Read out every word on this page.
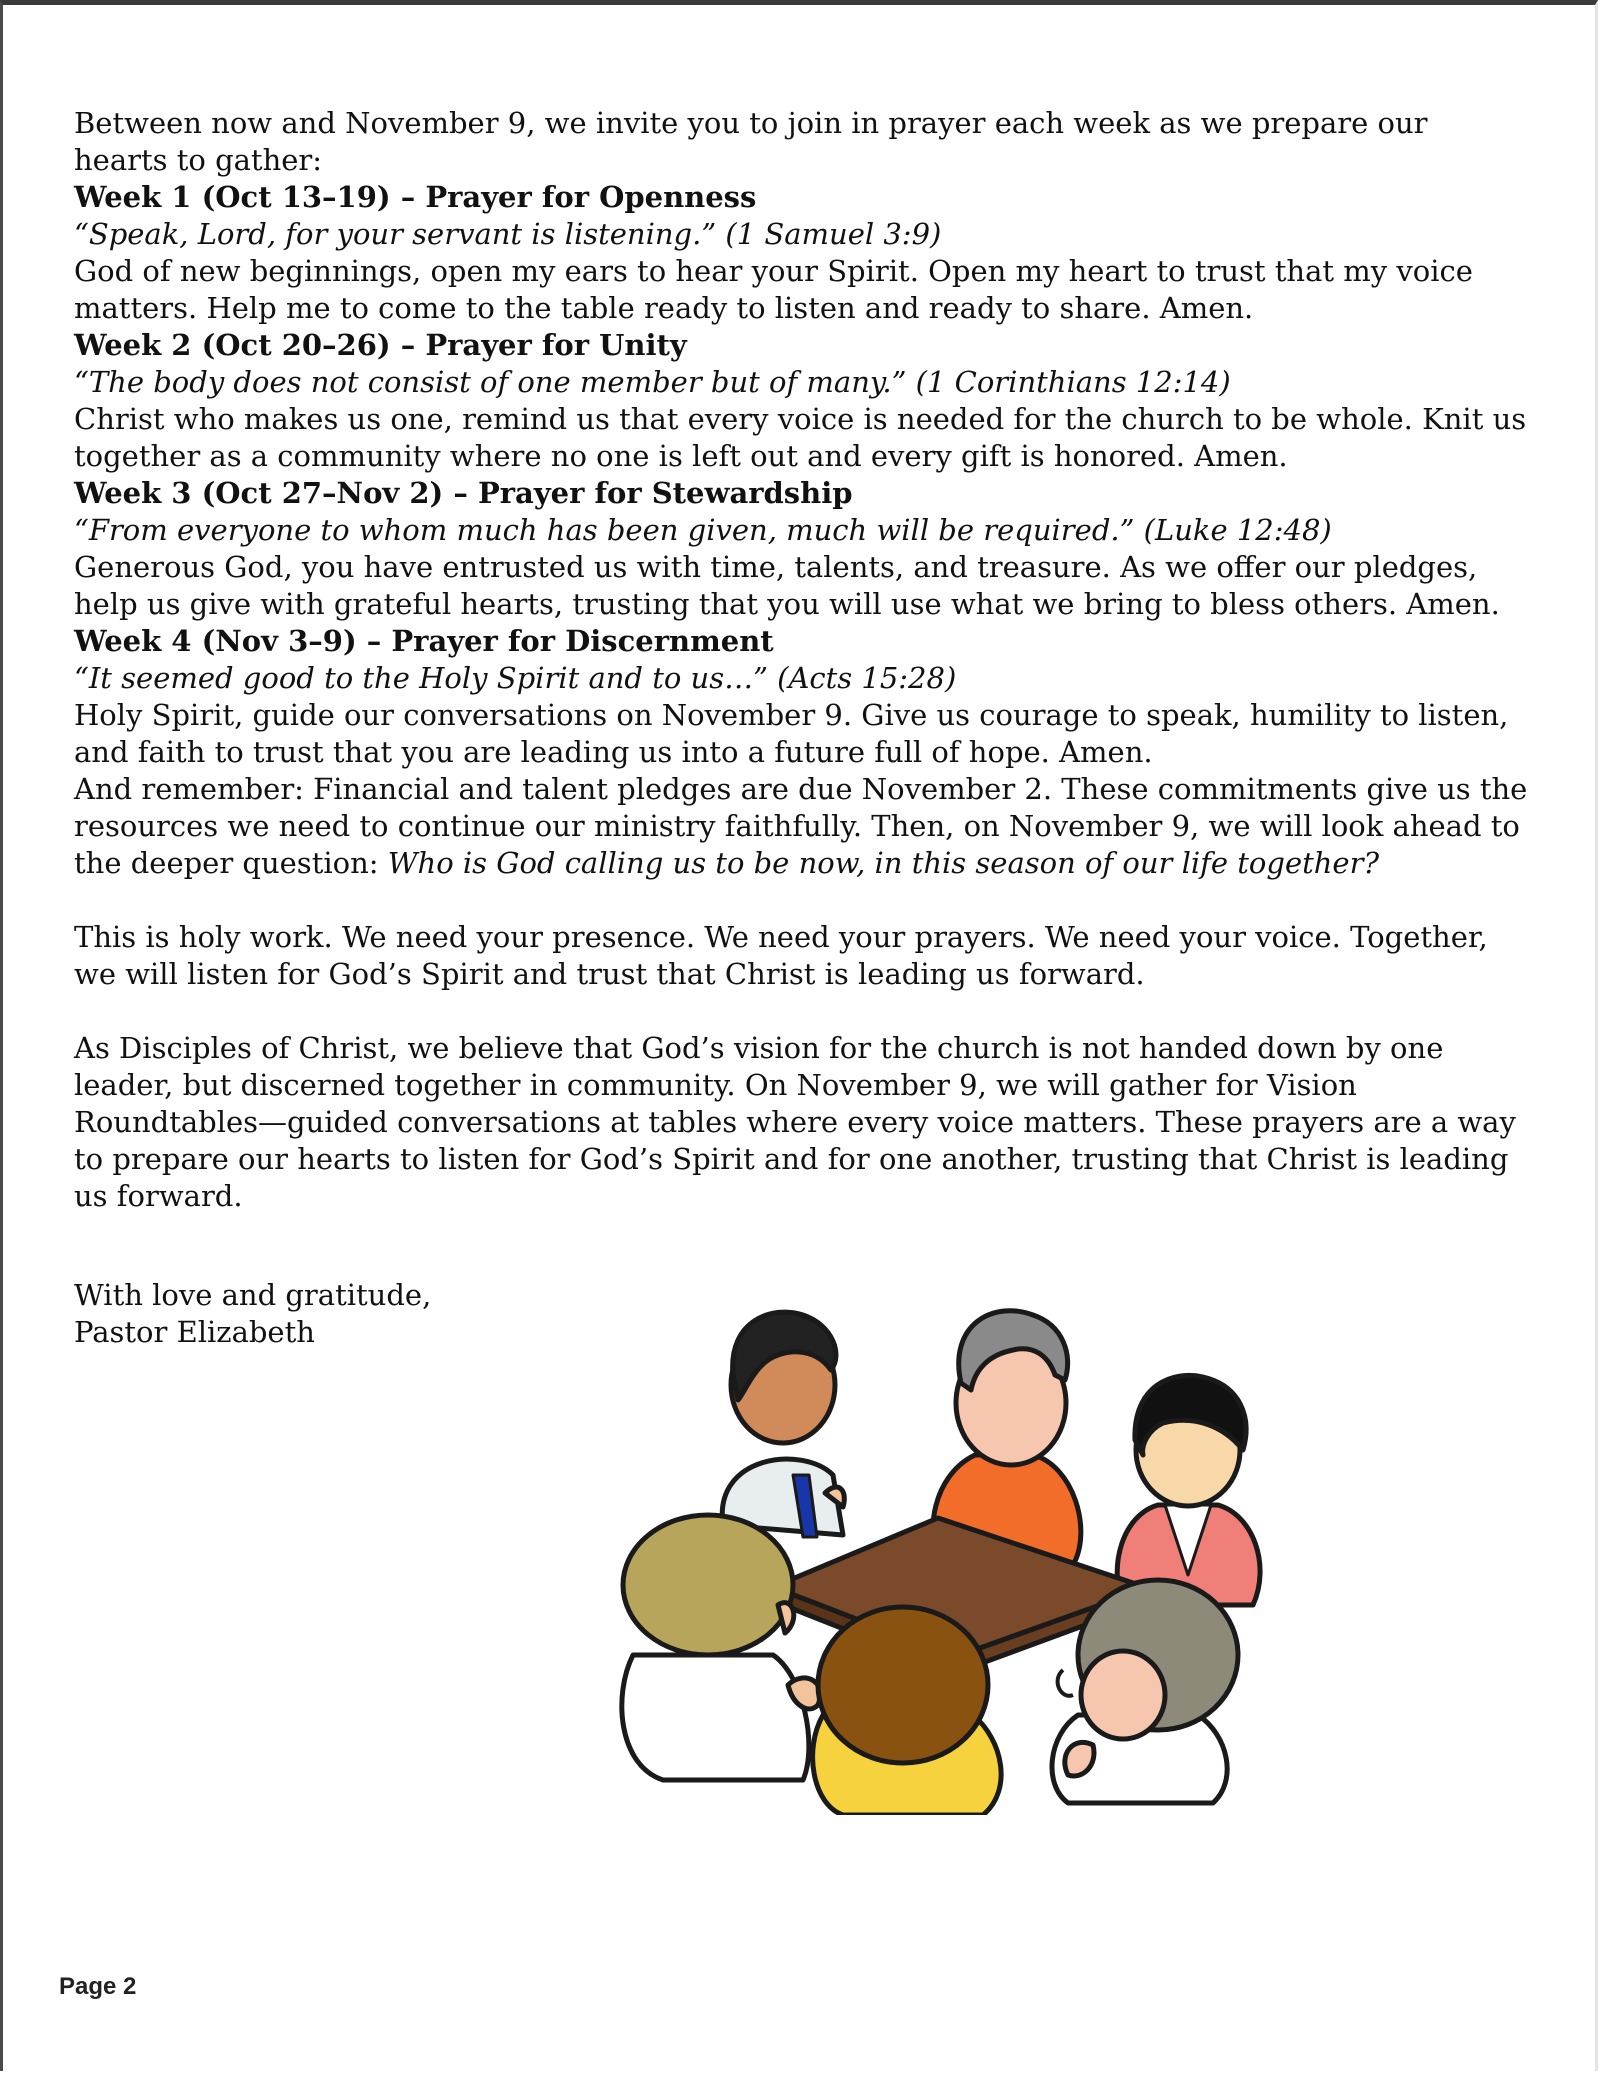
Between now and November 9, we invite you to join in prayer each week as we prepare our hearts to gather:

Week 1 (Oct 13–19) – Prayer for Openness

“Speak, Lord, for your servant is listening.” (1 Samuel 3:9)

God of new beginnings, open my ears to hear your Spirit. Open my heart to trust that my voice matters. Help me to come to the table ready to listen and ready to share. Amen.

Week 2 (Oct 20–26) – Prayer for Unity

“The body does not consist of one member but of many.” (1 Corinthians 12:14)

Christ who makes us one, remind us that every voice is needed for the church to be whole. Knit us together as a community where no one is left out and every gift is honored. Amen.

Week 3 (Oct 27–Nov 2) – Prayer for Stewardship

“From everyone to whom much has been given, much will be required.” (Luke 12:48)

Generous God, you have entrusted us with time, talents, and treasure. As we offer our pledges, help us give with grateful hearts, trusting that you will use what we bring to bless others. Amen.

Week 4 (Nov 3–9) – Prayer for Discernment

“It seemed good to the Holy Spirit and to us…” (Acts 15:28)

Holy Spirit, guide our conversations on November 9. Give us courage to speak, humility to listen, and faith to trust that you are leading us into a future full of hope. Amen.

And remember: Financial and talent pledges are due November 2. These commitments give us the resources we need to continue our ministry faithfully. Then, on November 9, we will look ahead to the deeper question: Who is God calling us to be now, in this season of our life together?

This is holy work. We need your presence. We need your prayers. We need your voice. Together, we will listen for God’s Spirit and trust that Christ is leading us forward.

As Disciples of Christ, we believe that God’s vision for the church is not handed down by one leader, but discerned together in community. On November 9, we will gather for Vision Roundtables—guided conversations at tables where every voice matters. These prayers are a way to prepare our hearts to listen for God’s Spirit and for one another, trusting that Christ is leading us forward.

With love and gratitude,

Pastor Elizabeth

Page 2
